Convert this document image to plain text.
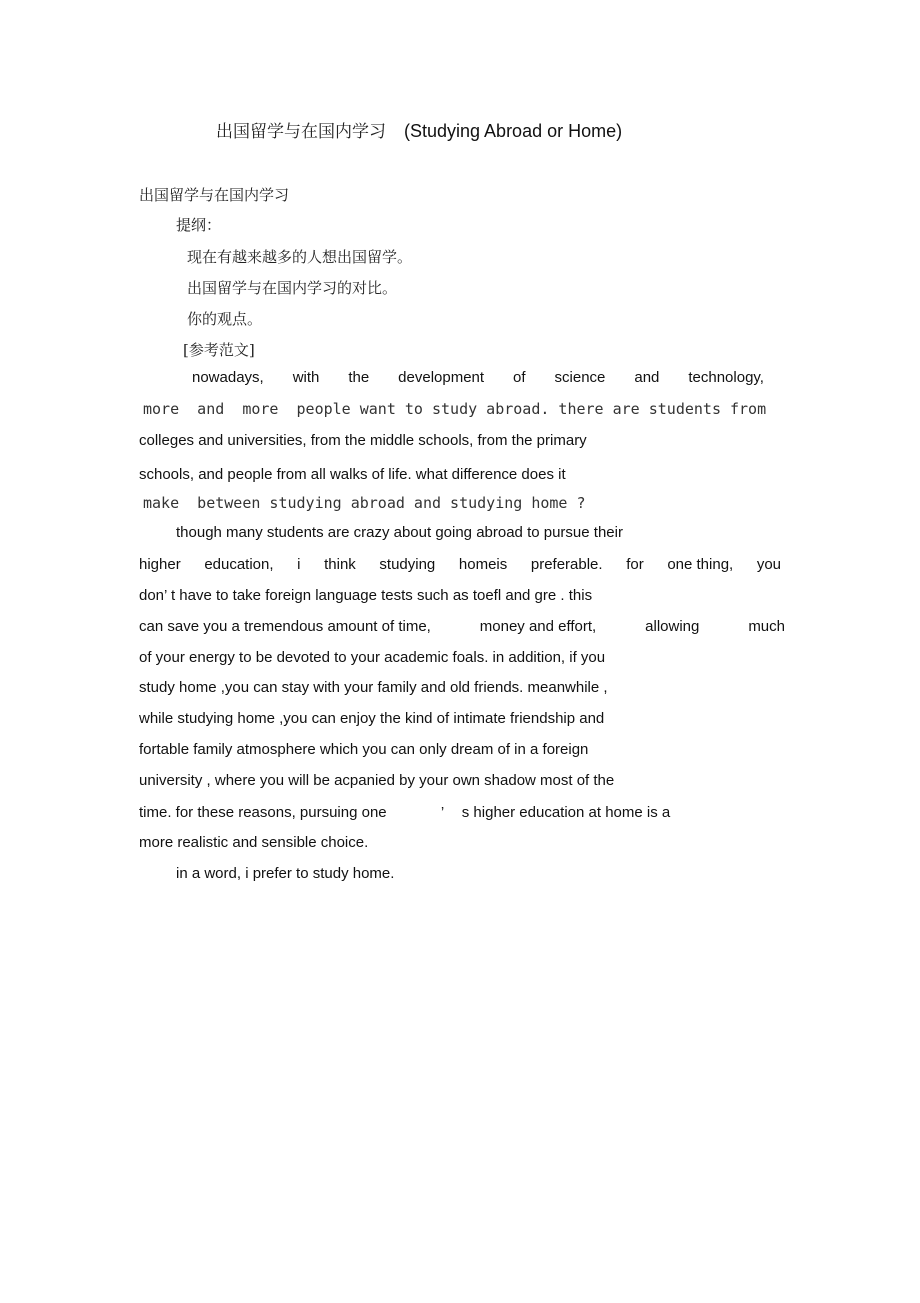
出国留学与在国内学习 (Studying Abroad or Home)
出国留学与在国内学习
提纲：
现在有越来越多的人想出国留学。
出国留学与在国内学习的对比。
你的观点。
[参考范文]
nowadays, with the development of science and technology,
more  and  more  people want to study abroad. there are students from
colleges and universities, from the middle schools, from the primary
schools, and people from all walks of life. what difference does it
make  between studying abroad and studying home ?
though many students are crazy about going abroad to pursue their
higher education, i think studying homeis preferable. for one thing, you
don’ t have to take foreign language tests such as toefl and gre . this
can save you a tremendous amount of time,	money and effort,	allowing	much
of your energy to be devoted to your academic foals. in addition, if you
study home ,you can stay with your family and old friends. meanwhile ,
while studying home ,you can enjoy the kind of intimate friendship and
fortable family atmosphere which you can only dream of in a foreign
university , where you will be acpanied by your own shadow most of the
time. for these reasons, pursuing one	’ s higher education at home is a
more realistic and sensible choice.
in a word, i prefer to study home.
